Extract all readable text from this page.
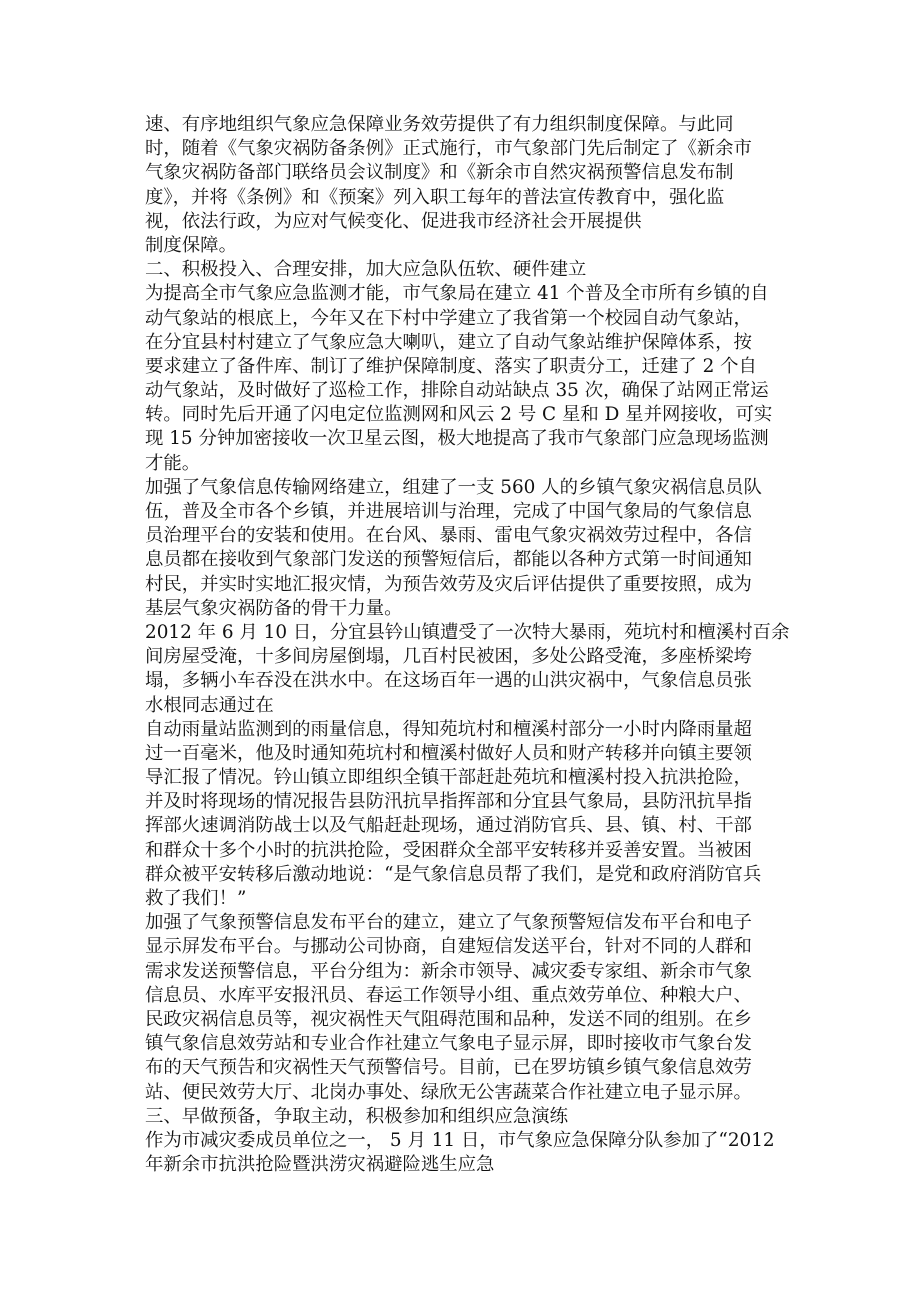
速、有序地组织气象应急保障业务效劳提供了有力组织制度保障。与此同
时，随着《气象灾祸防备条例》正式施行，市气象部门先后制定了《新余市
气象灾祸防备部门联络员会议制度》和《新余市自然灾祸预警信息发布制
度》，并将《条例》和《预案》列入职工每年的普法宣传教育中，强化监
视，依法行政，为应对气候变化、促进我市经济社会开展提供
制度保障。
二、积极投入、合理安排，加大应急队伍软、硬件建立
为提高全市气象应急监测才能，市气象局在建立 41 个普及全市所有乡镇的自
动气象站的根底上，今年又在下村中学建立了我省第一个校园自动气象站，
在分宜县村村建立了气象应急大喇叭，建立了自动气象站维护保障体系，按
要求建立了备件库、制订了维护保障制度、落实了职责分工，迁建了 2 个自
动气象站，及时做好了巡检工作，排除自动站缺点 35 次，确保了站网正常运
转。同时先后开通了闪电定位监测网和风云 2 号 C 星和 D 星并网接收，可实
现 15 分钟加密接收一次卫星云图，极大地提高了我市气象部门应急现场监测
才能。
加强了气象信息传输网络建立，组建了一支 560 人的乡镇气象灾祸信息员队
伍，普及全市各个乡镇，并进展培训与治理，完成了中国气象局的气象信息
员治理平台的安装和使用。在台风、暴雨、雷电气象灾祸效劳过程中，各信
息员都在接收到气象部门发送的预警短信后，都能以各种方式第一时间通知
村民，并实时实地汇报灾情，为预告效劳及灾后评估提供了重要按照，成为
基层气象灾祸防备的骨干力量。
2012 年 6 月 10 日，分宜县钤山镇遭受了一次特大暴雨，苑坑村和檀溪村百余
间房屋受淹，十多间房屋倒塌，几百村民被困，多处公路受淹，多座桥梁垮
塌，多辆小车吞没在洪水中。在这场百年一遇的山洪灾祸中，气象信息员张
水根同志通过在
自动雨量站监测到的雨量信息，得知苑坑村和檀溪村部分一小时内降雨量超
过一百毫米，他及时通知苑坑村和檀溪村做好人员和财产转移并向镇主要领
导汇报了情况。钤山镇立即组织全镇干部赶赴苑坑和檀溪村投入抗洪抢险，
并及时将现场的情况报告县防汛抗旱指挥部和分宜县气象局，县防汛抗旱指
挥部火速调消防战士以及气船赶赴现场，通过消防官兵、县、镇、村、干部
和群众十多个小时的抗洪抢险，受困群众全部平安转移并妥善安置。当被困
群众被平安转移后激动地说：“是气象信息员帮了我们，是党和政府消防官兵
救了我们！”
加强了气象预警信息发布平台的建立，建立了气象预警短信发布平台和电子
显示屏发布平台。与挪动公司协商，自建短信发送平台，针对不同的人群和
需求发送预警信息，平台分组为：新余市领导、减灾委专家组、新余市气象
信息员、水库平安报汛员、春运工作领导小组、重点效劳单位、种粮大户、
民政灾祸信息员等，视灾祸性天气阻碍范围和品种，发送不同的组别。在乡
镇气象信息效劳站和专业合作社建立气象电子显示屏，即时接收市气象台发
布的天气预告和灾祸性天气预警信号。目前，已在罗坊镇乡镇气象信息效劳
站、便民效劳大厅、北岗办事处、绿欣无公害蔬菜合作社建立电子显示屏。
三、早做预备，争取主动，积极参加和组织应急演练
作为市减灾委成员单位之一， 5 月 11 日，市气象应急保障分队参加了“2012
年新余市抗洪抢险暨洪涝灾祸避险逃生应急
